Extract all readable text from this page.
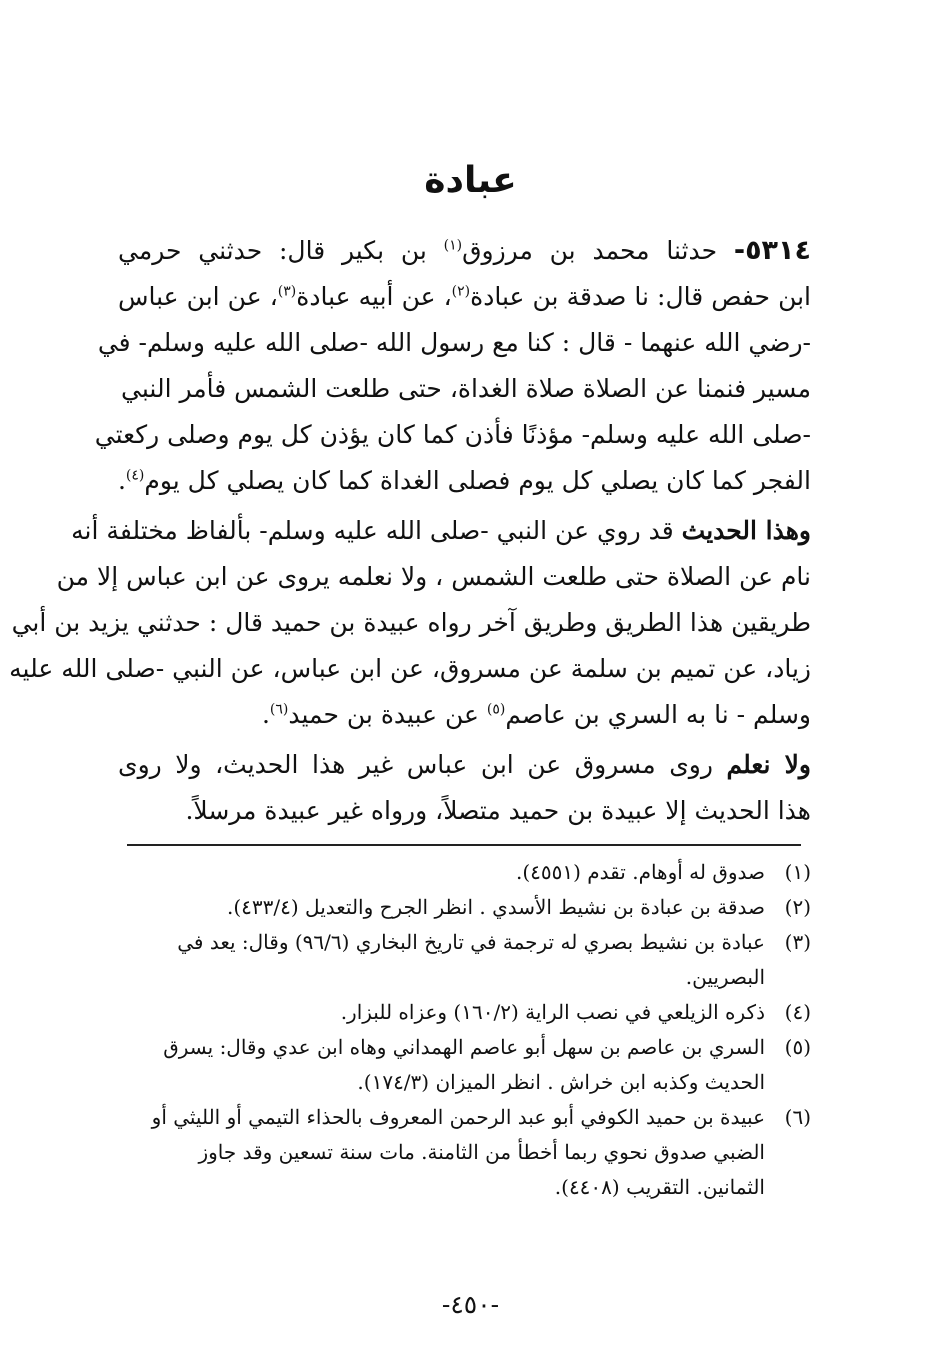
عبادة
٥٣١٤- حدثنا محمد بن مرزوق$^{(١)}$ بن بكير قال: حدثني حرمي
ابن حفص قال: نا صدقة بن عبادة$^{(٢)}$، عن أبيه عبادة$^{(٣)}$، عن ابن عباس
-رضي الله عنهما - قال : كنا مع رسول الله -صلى الله عليه وسلم- في
مسير فنمنا عن الصلاة صلاة الغداة، حتى طلعت الشمس فأمر النبي
-صلى الله عليه وسلم- مؤذنًا فأذن كما كان يؤذن كل يوم وصلى ركعتي
الفجر كما كان يصلي كل يوم فصلى الغداة كما كان يصلي كل يوم$^{(٤)}$.
وهذا الحديث قد روي عن النبي -صلى الله عليه وسلم- بألفاظ مختلفة أنه
نام عن الصلاة حتى طلعت الشمس ، ولا نعلمه يروى عن ابن عباس إلا من
طريقين هذا الطريق وطريق آخر رواه عبيدة بن حميد قال : حدثني يزيد بن أبي
زياد، عن تميم بن سلمة عن مسروق، عن ابن عباس، عن النبي -صلى الله عليه
وسلم - نا به السري بن عاصم$^{(٥)}$ عن عبيدة بن حميد$^{(٦)}$.
ولا نعلم روى مسروق عن ابن عباس غير هذا الحديث، ولا روى
هذا الحديث إلا عبيدة بن حميد متصلاً، ورواه غير عبيدة مرسلاً.
(١)
صدوق له أوهام. تقدم (٤٥٥١).
(٢)
صدقة بن عبادة بن نشيط الأسدي . انظر الجرح والتعديل (٤٣٣/٤).
(٣)
عبادة بن نشيط بصري له ترجمة في تاريخ البخاري (٩٦/٦) وقال: يعد في
البصريين.
(٤)
ذكره الزيلعي في نصب الراية (١٦٠/٢) وعزاه للبزار.
(٥)
السري بن عاصم بن سهل أبو عاصم الهمداني وهاه ابن عدي وقال: يسرق
الحديث وكذبه ابن خراش . انظر الميزان (١٧٤/٣).
(٦)
عبيدة بن حميد الكوفي أبو عبد الرحمن المعروف بالحذاء التيمي أو الليثي أو
الضبي صدوق نحوي ربما أخطأ من الثامنة. مات سنة تسعين وقد جاوز
الثمانين. التقريب (٤٤٠٨).
-٤٥٠-
